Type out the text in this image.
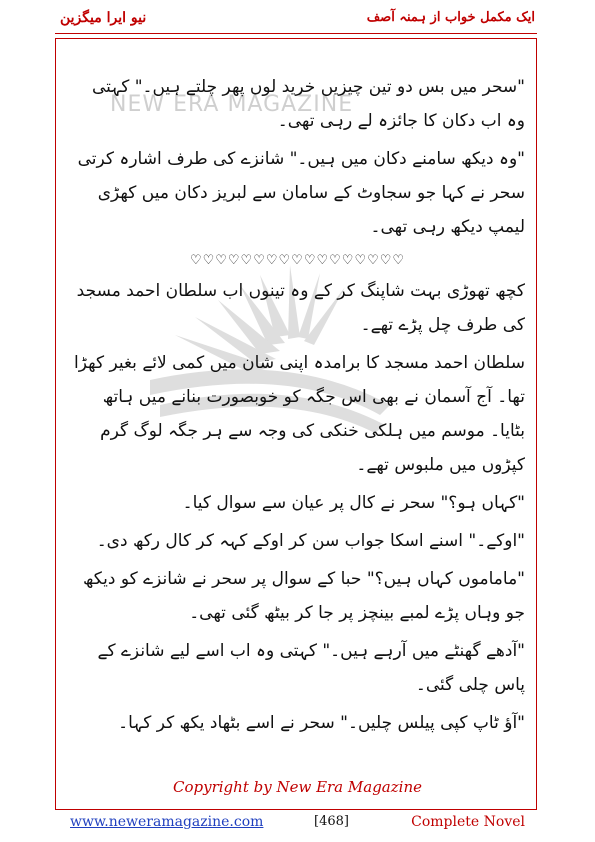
نیو ایرا میگزین	ایک مکمل خواب از ہمنہ آصف
NEW ERA MAGAZINE

"سحر میں بس دو تین چیزیں خرید لوں پھر چلتے ہیں۔" کہتی وہ اب دکان کا جائزہ لے رہی تھی۔

"وہ دیکھ سامنے دکان میں ہیں۔" شانزے کی طرف اشارہ کرتی سحر نے کہا جو سجاوٹ کے سامان سے لبریز دکان میں کھڑی لیمپ دیکھ رہی تھی۔

♡♡♡♡♡♡♡♡♡♡♡♡♡♡♡♡♡

کچھ تھوڑی بہت شاپنگ کر کے وہ تینوں اب سلطان احمد مسجد کی طرف چل پڑے تھے۔

سلطان احمد مسجد کا برامدہ اپنی شان میں کمی لائے بغیر کھڑا تھا۔ آج آسمان نے بھی اس جگہ کو خوبصورت بنانے میں ہاتھ بٹایا۔ موسم میں ہلکی خنکی کی وجہ سے ہر جگہ لوگ گرم کپڑوں میں ملبوس تھے۔

"کہاں ہو؟" سحر نے کال پر عیان سے سوال کیا۔

"اوکے۔" اسنے اسکا جواب سن کر اوکے کہہ کر کال رکھ دی۔

"ماماموں کہاں ہیں؟" حبا کے سوال پر سحر نے شانزے کو دیکھ جو وہاں پڑے لمبے بینچز پر جا کر بیٹھ گئی تھی۔

"آدھے گھنٹے میں آرہے ہیں۔" کہتی وہ اب اسے لیے شانزے کے پاس چلی گئی۔

"آؤ ٹاپ کپی پیلس چلیں۔" سحر نے اسے بٹھاد یکھ کر کہا۔

Copyright by New Era Magazine
www.neweramagazine.com	[468]	Complete Novel
